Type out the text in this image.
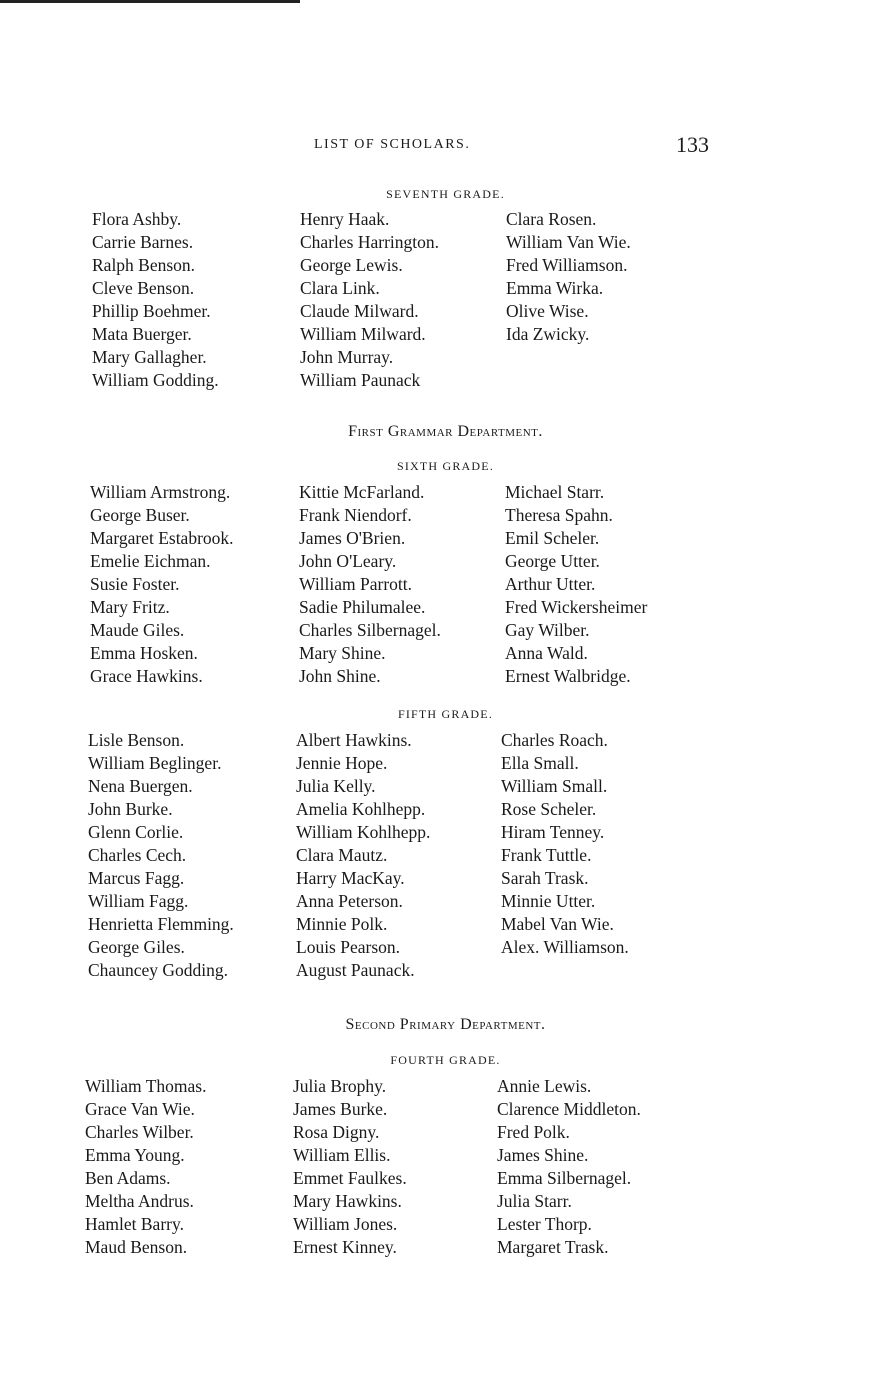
LIST OF SCHOLARS.	133
SEVENTH GRADE.
Flora Ashby.
Carrie Barnes.
Ralph Benson.
Cleve Benson.
Phillip Boehmer.
Mata Buerger.
Mary Gallagher.
William Godding.
Henry Haak.
Charles Harrington.
George Lewis.
Clara Link.
Claude Milward.
William Milward.
John Murray.
William Paunack
Clara Rosen.
William Van Wie.
Fred Williamson.
Emma Wirka.
Olive Wise.
Ida Zwicky.
First Grammar Department.
SIXTH GRADE.
William Armstrong.
George Buser.
Margaret Estabrook.
Emelie Eichman.
Susie Foster.
Mary Fritz.
Maude Giles.
Emma Hosken.
Grace Hawkins.
Kittie McFarland.
Frank Niendorf.
James O'Brien.
John O'Leary.
William Parrott.
Sadie Philumalee.
Charles Silbernagel.
Mary Shine.
John Shine.
Michael Starr.
Theresa Spahn.
Emil Scheler.
George Utter.
Arthur Utter.
Fred Wickersheimer
Gay Wilber.
Anna Wald.
Ernest Walbridge.
FIFTH GRADE.
Lisle Benson.
William Beglinger.
Nena Buergen.
John Burke.
Glenn Corlie.
Charles Cech.
Marcus Fagg.
William Fagg.
Henrietta Flemming.
George Giles.
Chauncey Godding.
Albert Hawkins.
Jennie Hope.
Julia Kelly.
Amelia Kohlhepp.
William Kohlhepp.
Clara Mautz.
Harry MacKay.
Anna Peterson.
Minnie Polk.
Louis Pearson.
August Paunack.
Charles Roach.
Ella Small.
William Small.
Rose Scheler.
Hiram Tenney.
Frank Tuttle.
Sarah Trask.
Minnie Utter.
Mabel Van Wie.
Alex. Williamson.
Second Primary Department.
FOURTH GRADE.
William Thomas.
Grace Van Wie.
Charles Wilber.
Emma Young.
Ben Adams.
Meltha Andrus.
Hamlet Barry.
Maud Benson.
Julia Brophy.
James Burke.
Rosa Digny.
William Ellis.
Emmet Faulkes.
Mary Hawkins.
William Jones.
Ernest Kinney.
Annie Lewis.
Clarence Middleton.
Fred Polk.
James Shine.
Emma Silbernagel.
Julia Starr.
Lester Thorp.
Margaret Trask.
